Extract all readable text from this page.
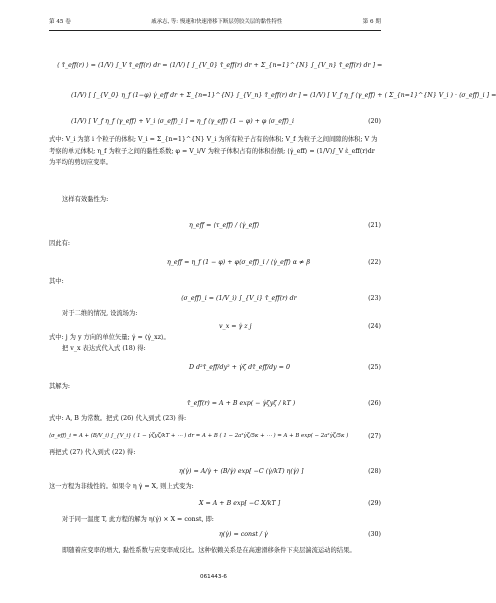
第 45 卷	戚承志, 等: 慢速和快速滑移下断层剪胶关层的黏性特性	第 6 期
⟨ τ̄_eff(r) ⟩ = (1/V) ∫_V τ̄_eff(r) dr = (1/V) [ ∫_{V_0} τ̄_eff(r) dr + Σ_{n=1}^{N} ∫_{V_n} τ̄_eff(r) dr ] =
(1/V) [ ∫_{V_0} η_f (1−φ) γ̇_eff dr + Σ_{n=1}^{N} ∫_{V_n} τ̄_eff(r) dr ] = (1/V) [ V_f η_f ⟨γ_eff⟩ + ( Σ_{n=1}^{N} V_i ) · ⟨σ_eff⟩_i ] =
(1/V) [ V_f η_f ⟨γ_eff⟩ + V_i ⟨σ_eff⟩_i ] = η_f ⟨γ_eff⟩ (1 − φ) + φ ⟨σ_eff⟩_i	(20)
式中: V_i 为第 i 个粒子的体积; V_i = Σ_{n=1}^{N} V_i 为所有粒子占有的体积; V_f 为粒子之间间隙的体积; V 为考察的单元体积; η_f 为粒子之间的黏性系数; φ = V_i/V 为粒子体积占有的体积份额; ⟨γ̇_eff⟩ = (1/V)∫_V ε̇_eff(r)dr 为平均的剪切应变率。
这样有效黏性为:
η_eff = ⟨τ_eff⟩ / ⟨γ̇_eff⟩	(21)
因此有:
η_eff = η_f (1 − φ) + φ⟨σ_eff⟩_i / ⟨γ̇_eff⟩ α ≠ β	(22)
其中:
⟨σ_eff⟩_i = (1/V_i) ∫_{V_i} τ̄_eff(r) dr	(23)
对于二维的情况, 设流场为:
v_x = γ̇ z j	(24)
式中: j 为 y 方向的单位矢量; γ̇ = ⟨γ̇_xz⟩。
把 v_x 表达式代入式 (18) 得:
D d²τ̄_eff/dy² + γ̇ζ dτ̄_eff/dy = 0	(25)
其解为:
τ̄_eff(r) = A + B exp( − γ̇ζyζ / kT )	(26)
式中: A, B 为常数。把式 (26) 代入到式 (23) 得:
⟨σ_eff⟩_i = A + (B/V_i) ∫_{V_i} ( 1 − γ̇ζyζ/kT + ⋯ ) dr = A + B ( 1 − 2a²γ̇ζ/5κ + ⋯ ) = A + B exp( − 2a²γ̇ζ/5κ )	(27)
再把式 (27) 代入到式 (22) 得:
η(γ̇) = A/γ̇ + (B/γ̇) exp[ −C (γ̇/kT) η(γ̇) ]	(28)
这一方程为非线性的。如果令 η γ̇ = X, 则上式变为:
X = A + B exp[ −C X/kT ]	(29)
对于同一温度 T, 此方程的解为 η(γ̇) × X = const, 即:
η(γ̇) = const / γ̇	(30)
即随着应变率的增大, 黏性系数与应变率成反比。这种依赖关系是在高速滑移条件下夹层湍流运动的结果。
061443-6
